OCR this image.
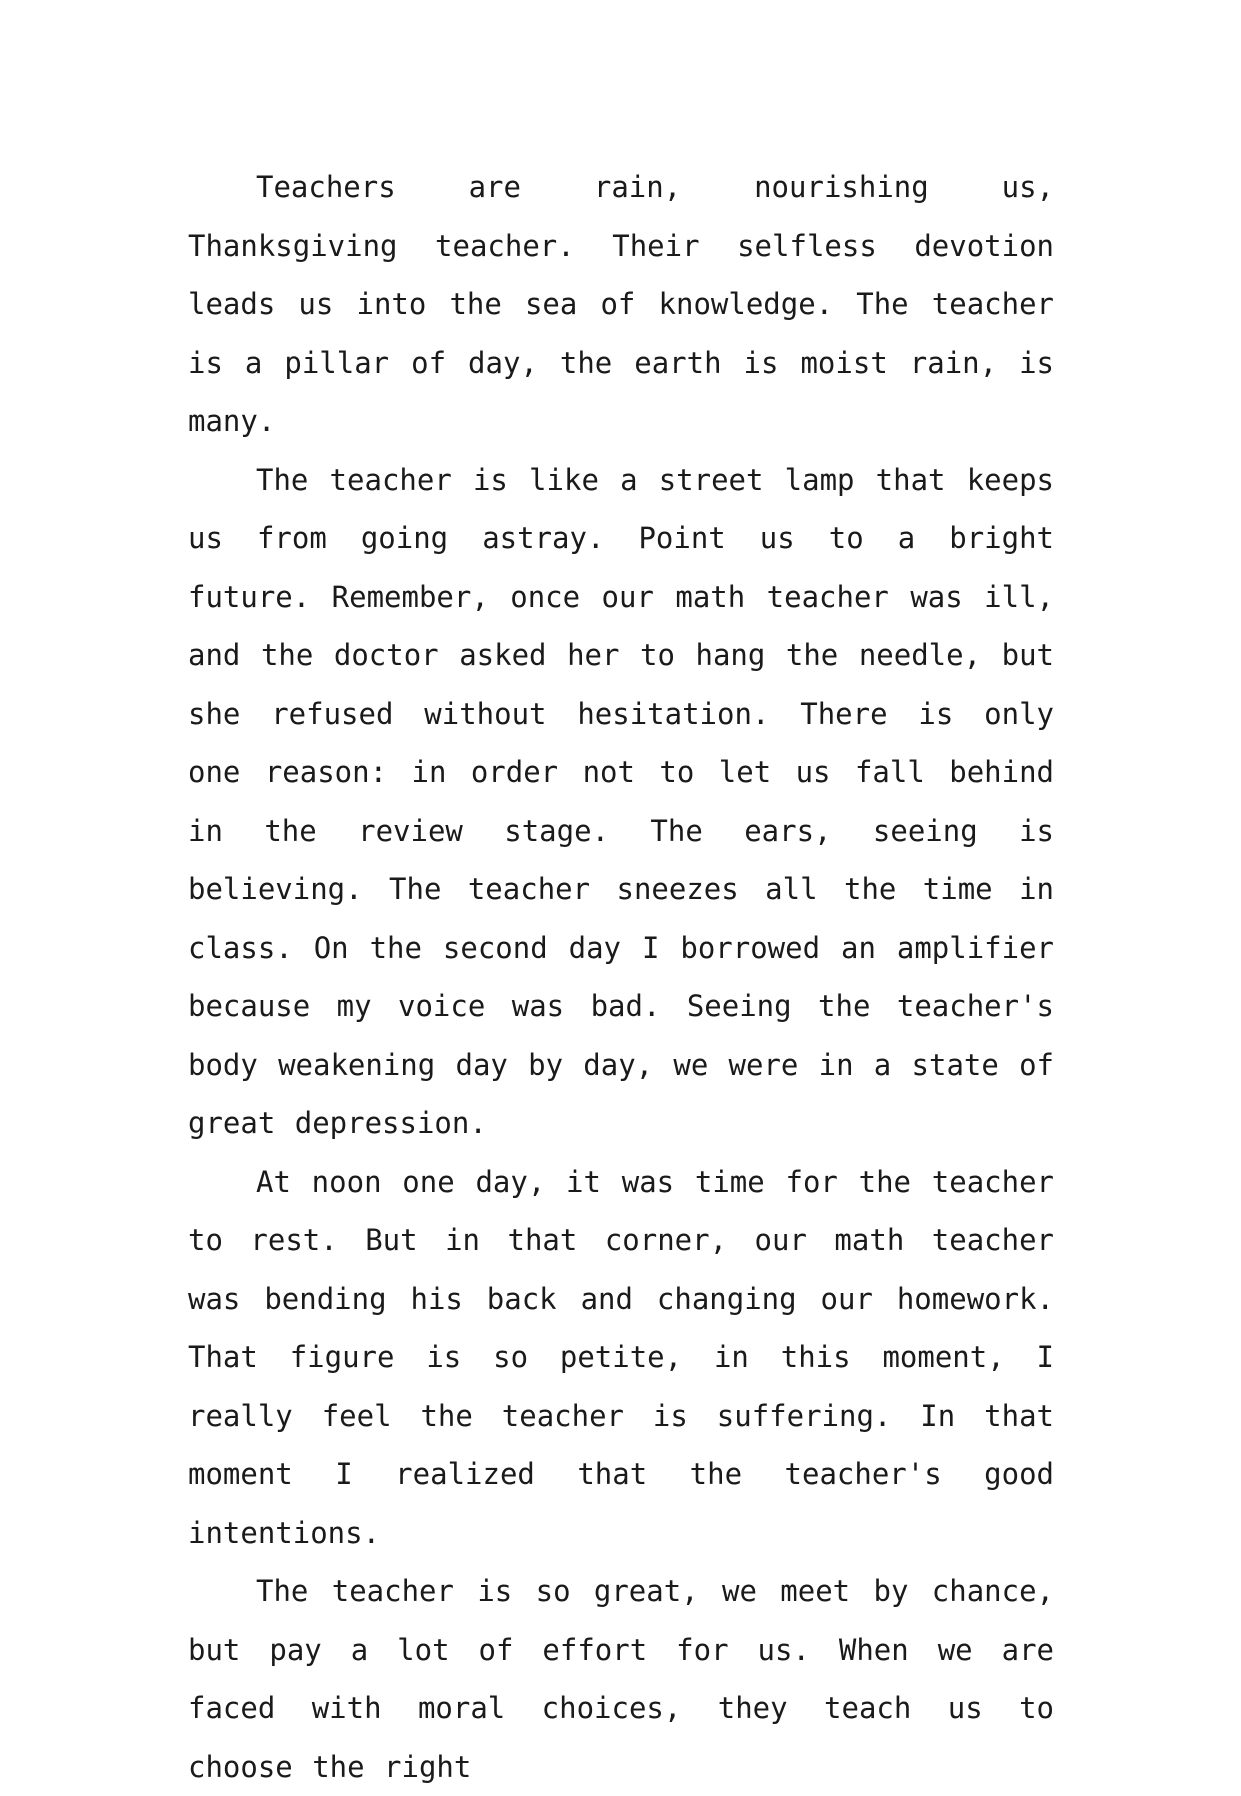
Teachers are rain, nourishing us, Thanksgiving teacher. Their selfless devotion leads us into the sea of knowledge. The teacher is a pillar of day, the earth is moist rain, is many.

The teacher is like a street lamp that keeps us from going astray. Point us to a bright future. Remember, once our math teacher was ill, and the doctor asked her to hang the needle, but she refused without hesitation. There is only one reason: in order not to let us fall behind in the review stage. The ears, seeing is believing. The teacher sneezes all the time in class. On the second day I borrowed an amplifier because my voice was bad. Seeing the teacher's body weakening day by day, we were in a state of great depression.

At noon one day, it was time for the teacher to rest. But in that corner, our math teacher was bending his back and changing our homework. That figure is so petite, in this moment, I really feel the teacher is suffering. In that moment I realized that the teacher's good intentions.

The teacher is so great, we meet by chance, but pay a lot of effort for us. When we are faced with moral choices, they teach us to choose the right
